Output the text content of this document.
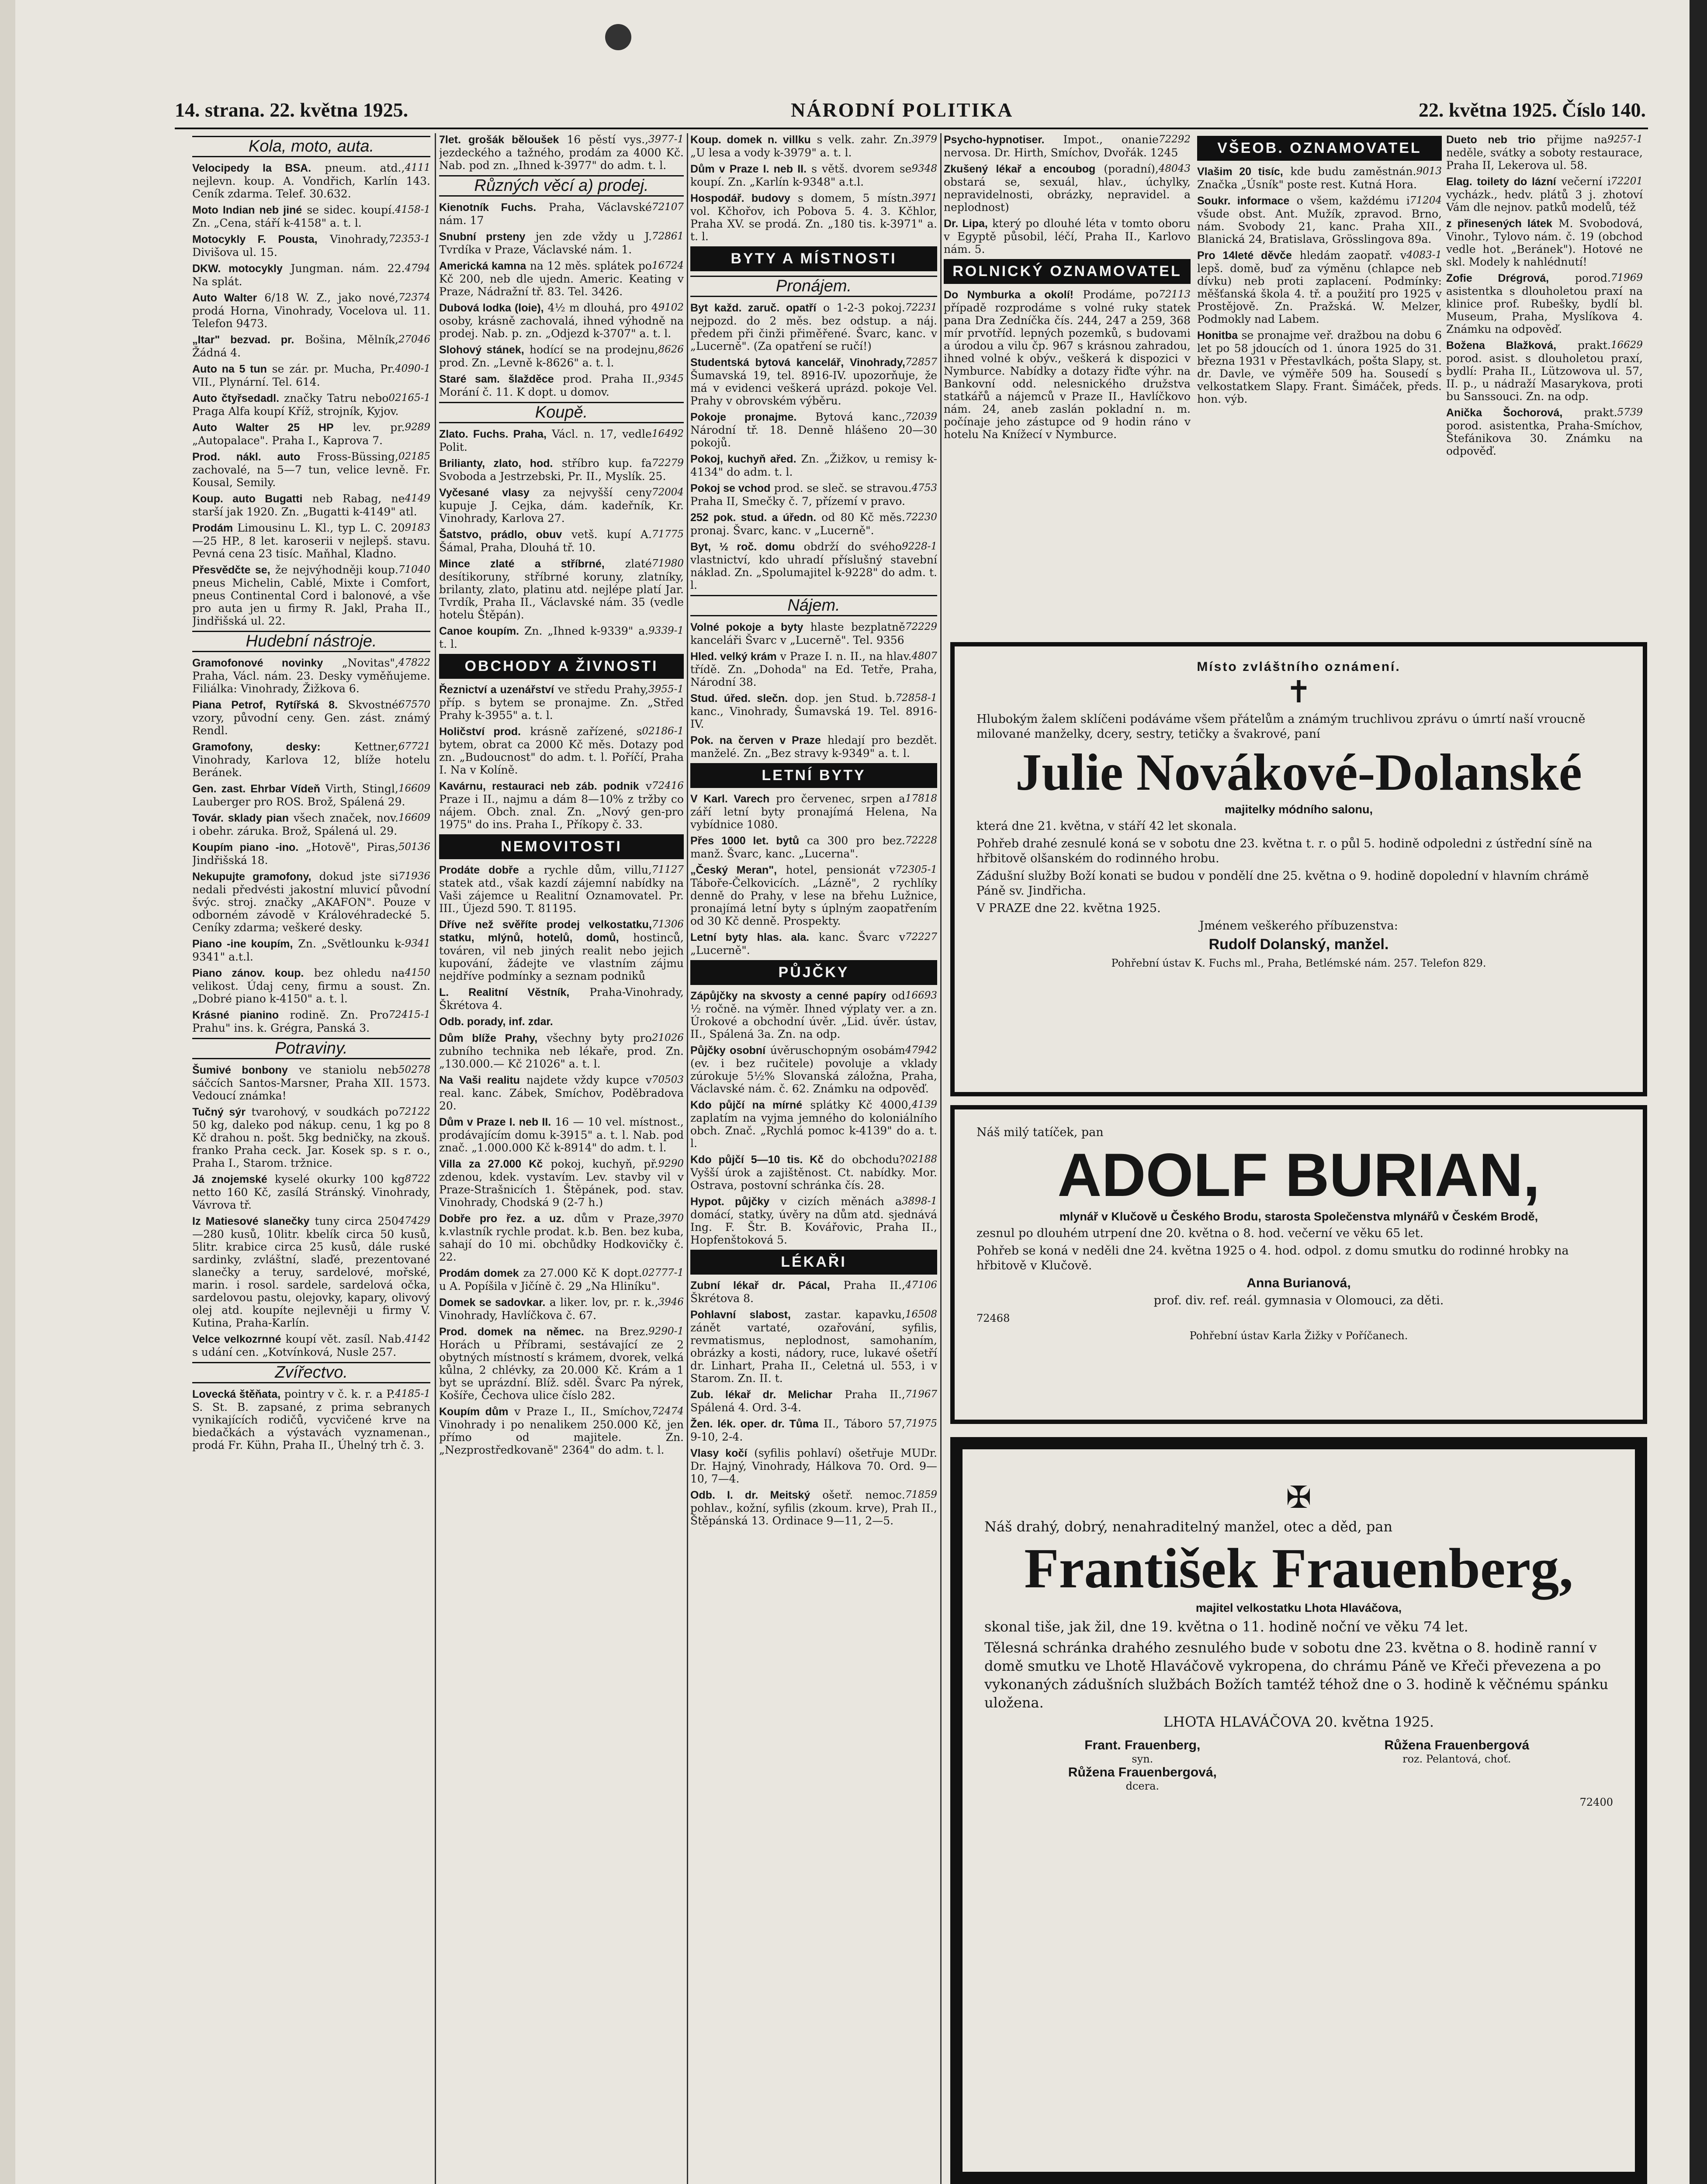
14. strana. 22. května 1925.	NÁRODNÍ POLITIKA	22. května 1925. Číslo 140.
Kola, moto, auta.
4111
Velocipedy la BSA. pneum. atd., nejlevn. koup. A. Vondřich, Karlín 143. Ceník zdarma. Telef. 30.632.
4158-1
Moto Indian neb jiné se sidec. koupí. Zn. „Cena, stáří k-4158" a. t. l.
72353-1
Motocykly F. Pousta, Vinohrady, Divišova ul. 15.
4794
DKW. motocykly Jungman. nám. 22. Na splát.
72374
Auto Walter 6/18 W. Z., jako nové, prodá Horna, Vinohrady, Vocelova ul. 11. Telefon 9473.
27046
„Itar" bezvad. pr. Bošina, Mělník, Žádná 4.
4090-1
Auto na 5 tun se zár. pr. Mucha, Pr. VII., Plynární. Tel. 614.
02165-1
Auto čtyřsedadl. značky Tatru nebo Praga Alfa koupí Kříž, strojník, Kyjov.
9289
Auto Walter 25 HP lev. pr. „Autopalace". Praha I., Kaprova 7.
02185
Prod. nákl. auto Fross-Büssing, zachovalé, na 5—7 tun, velice levně. Fr. Kousal, Semily.
4149
Koup. auto Bugatti neb Rabag, ne starší jak 1920. Zn. „Bugatti k-4149" atl.
9183
Prodám Limousinu L. Kl., typ L. C. 20—25 HP., 8 let. karoserii v nejlepš. stavu. Pevná cena 23 tisíc. Maňhal, Kladno.
71040
Přesvědčte se, že nejvýhodněji koup. pneus Michelin, Cablé, Mixte i Comfort, pneus Continental Cord i balonové, a vše pro auta jen u firmy R. Jakl, Praha II., Jindřišská ul. 22.
Hudební nástroje.
47822
Gramofonové novinky „Novitas", Praha, Václ. nám. 23. Desky vyměňujeme. Filiálka: Vinohrady, Žižkova 6.
67570
Piana Petrof, Rytířská 8. Skvostné vzory, původní ceny. Gen. zást. známý Rendl.
67721
Gramofony, desky:	Kettner, Vinohrady, Karlova 12, blíže hotelu Beránek.
16609
Gen. zast. Ehrbar Vídeň Virth, Stingl, Lauberger pro ROS. Brož, Spálená 29.
16609
Továr. sklady pian všech značek, nov. i obehr. záruka. Brož, Spálená ul. 29.
50136
Koupím piano -ino. „Hotově", Piras, Jindřišská 18.
71936
Nekupujte gramofony, dokud jste si nedali předvésti jakostní mluvicí původní švýc. stroj. značky „AKAFON". Pouze v odborném závodě v Královéhradecké 5. Ceníky zdarma; veškeré desky.
9341
Piano -ine koupím, Zn. „Světlounku k-9341" a.t.l.
4150
Piano zánov. koup. bez ohledu na velikost. Údaj ceny, firmu a soust. Zn. „Dobré piano k-4150" a. t. l.
72415-1
Krásné pianino rodině. Zn. Pro Prahu" ins. k. Grégra, Panská 3.
Potraviny.
50278
Šumivé bonbony ve staniolu neb sáčcích Santos-Marsner, Praha XII. 1573. Vedoucí známka!
72122
Tučný sýr tvarohový, v soudkách po 50 kg, daleko pod nákup. cenu, 1 kg po 8 Kč drahou n. pošt. 5kg bedničky, na zkouš. franko Praha ceck. Jar. Kosek sp. s r. o., Praha I., Starom. tržnice.
8722
Já znojemské kyselé okurky 100 kg netto 160 Kč, zasílá Stránský. Vinohrady, Vávrova tř.
47429
Iz Matiesové slanečky tuny circa 250—280 kusů, 10litr. kbelík circa 50 kusů, 5litr. krabice circa 25 kusů, dále ruské sardinky, zvláštní, slaďé, prezentované slanečky a teruy, sardelové, mořské, marin. i rosol. sardele, sardelová očka, sardelovou pastu, olejovky, kapary, olivový olej atd. koupíte nejlevněji u firmy V. Kutina, Praha-Karlín.
4142
Velce velkozrnné koupí vět. zasíl. Nab. s udání cen. „Kotvínková, Nusle 257.
Zvířectvo.
4185-1
Lovecká štěňata, pointry v č. k. r. a P. S. St. B. zapsané, z prima sebranych vynikajících rodičů, vycvičené krve na biedačkách a výstavách vyznamenan., prodá Fr. Kühn, Praha II., Úhelný trh č. 3.
3977-1
7let. grošák běloušek 16 pěstí vys., jezdeckého a tažného, prodám za 4000 Kč. Nab. pod zn. „Ihned k-3977" do adm. t. l.
Různých věcí a) prodej.
72107
Kienotník Fuchs. Praha, Václavské nám. 17
72861
Snubní prsteny jen zde vždy u J. Tvrdíka v Praze, Václavské nám. 1.
16724
Americká kamna na 12 měs. splátek po Kč 200, neb dle ujedn. Americ. Keating v Praze, Nádražní tř. 83. Tel. 3426.
9102
Dubová lodka (loie), 4½ m dlouhá, pro 4 osoby, krásně zachovalá, ihned výhodně na prodej. Nab. p. zn. „Odjezd k-3707" a. t. l.
8626
Slohový stánek, hodící se na prodejnu, prod. Zn. „Levně k-8626" a. t. l.
9345
Staré sam. šlažděce prod. Praha II., Morání č. 11. K dopt. u domov.
Koupě.
16492
Zlato. Fuchs. Praha, Václ. n. 17, vedle Polit.
72279
Brilianty, zlato, hod. stříbro kup. fa Svoboda a Jestrzebski, Pr. II., Myslík. 25.
72004
Vyčesané vlasy za nejvyšší ceny kupuje J. Cejka, dám. kadeřník, Kr. Vinohrady, Karlova 27.
71775
Šatstvo, prádlo, obuv vetš. kupí A. Šámal, Praha, Dlouhá tř. 10.
71980
Mince zlaté a stříbrné, zlaté desítikoruny, stříbrné koruny, zlatníky, brilanty, zlato, platinu atd. nejlépe platí Jar. Tvrdík, Praha II., Václavské nám. 35 (vedle hotelu Štěpán).
9339-1
Canoe koupím. Zn. „Ihned k-9339" a. t. l.
OBCHODY A ŽIVNOSTI
3955-1
Řeznictví a uzenářství ve středu Prahy, příp. s bytem se pronajme. Zn. „Střed Prahy k-3955" a. t. l.
02186-1
Holičství prod. krásně zařízené, s bytem, obrat ca 2000 Kč měs. Dotazy pod zn. „Budoucnost" do adm. t. l. Poříčí, Praha I. Na v Kolíně.
72416
Kavárnu, restauraci neb záb. podnik v Praze i II., najmu a dám 8—10% z tržby co nájem. Obch. znal. Zn. „Nový gen-pro 1975" do ins. Praha I., Příkopy č. 33.
NEMOVITOSTI
71127
Prodáte dobře a rychle dům, villu, statek atd., však kazdí zájemní nabídky na Vaši zájemce u Realitní Oznamovatel. Pr. III., Újezd 590. T. 81195.
71306
Dříve než svěříte prodej velkostatku, statku, mlýnů, hotelů, domů, hostinců, továren, vil neb jiných realit nebo jejich kupování, žádejte ve vlastním zájmu nejdříve podmínky a seznam podniků
L. Realitní Věstník, Praha-Vinohrady, Škrétova 4.
Odb. porady, inf. zdar.
21026
Dům blíže Prahy, všechny byty pro zubního technika neb lékaře, prod. Zn. „130.000.— Kč 21026" a. t. l.
70503
Na Vaši realitu najdete vždy kupce v real. kanc. Zábek, Smíchov, Poděbradova 20.
Dům v Praze I. neb II. 16 — 10 vel. místnost., prodávajícím domu k-3915" a. t. l. Nab. pod znač. „1.000.000 Kč k-8914" do adm. t. l.
9290
Villa za 27.000 Kč pokoj, kuchyň, př. zdenou, kdek. vystavím. Lev. stavby vil v Praze-Strašnicích 1. Štěpánek, pod. stav. Vinohrady, Chodská 9 (2-7 h.)
3970
Dobře pro řez. a uz. dům v Praze, k.vlastník rychle prodat. k.b. Ben. bez kuba, sahají do 10 mi. obchůdky Hodkovičky č. 22.
02777-1
Prodám domek za 27.000 Kč K dopt. u A. Popíšila v Jičíně č. 29 „Na Hliníku".
3946
Domek se sadovkar. a liker. lov, pr. r. k., Vinohrady, Havlíčkova č. 67.
9290-1
Prod. domek na němec. na Brez. Horách u Příbrami, sestávající ze 2 obytných místností s krámem, dvorek, velká kůlna, 2 chlévky, za 20.000 Kč. Krám a 1 byt se uprázdní. Blíž. sděl. Švarc Pa nýrek, Košíře, Čechova ulice číslo 282.
72474
Koupím dům v Praze I., II., Smíchov, Vinohrady i po nenalikem 250.000 Kč, jen přímo od majitele. Zn. „Nezprostředkovaně" 2364" do adm. t. l.
3979
Koup. domek n. villku s velk. zahr. Zn. „U lesa a vody k-3979" a. t. l.
9348
Dům v Praze I. neb II. s větš. dvorem se koupí. Zn. „Karlín k-9348" a.t.l.
3971
Hospodář. budovy s domem, 5 místn. vol. Kčhořov, ich Pobova 5. 4. 3. Kčhlor, Praha XV. se prodá. Zn. „180 tis. k-3971" a. t. l.
BYTY A MÍSTNOSTI
Pronájem.
72231
Byt každ. zaruč. opatří o 1-2-3 pokoj. nejpozd. do 2 měs. bez odstup. a náj. předem při činži přiměřené. Švarc, kanc. v „Lucerně". (Za opatření se ručí!)
72857
Studentská bytová kancelář, Vinohrady, Šumavská 19, tel. 8916-IV. upozorňuje, že má v evidenci veškerá uprázd. pokoje Vel. Prahy v obrovském výběru.
72039
Pokoje pronajme. Bytová kanc., Národní tř. 18. Denně hlášeno 20—30 pokojů.
Pokoj, kuchyň ařed. Zn. „Žižkov, u remisy k-4134" do adm. t. l.
4753
Pokoj se vchod prod. se sleč. se stravou. Praha II, Smečky č. 7, přízemí v pravo.
72230
252 pok. stud. a úředn. od 80 Kč měs. pronaj. Švarc, kanc. v „Lucerně".
9228-1
Byt, ½ roč. domu obdrží do svého vlastnictví, kdo uhradí příslušný stavební náklad. Zn. „Spolumajitel k-9228" do adm. t. l.
Nájem.
72229
Volné pokoje a byty hlaste bezplatně kanceláři Švarc v „Lucerně". Tel. 9356
4807
Hled. velký krám v Praze I. n. II., na hlav. třídě. Zn. „Dohoda" na Ed. Tetře, Praha, Národní 38.
72858-1
Stud. úřed. slečn. dop. jen Stud. b. kanc., Vinohrady, Šumavská 19. Tel. 8916-IV.
Pok. na červen v Praze hledají pro bezdět. manželé. Zn. „Bez stravy k-9349" a. t. l.
LETNÍ BYTY
17818
V Karl. Varech pro červenec, srpen a září letní byty pronajímá Helena, Na vybídnice 1080.
72228
Přes 1000 let. bytů ca 300 pro bez. manž. Švarc, kanc. „Lucerna".
72305-1
„Český Meran", hotel, pensionát v Táboře-Čelkovicích. „Lázně", 2 rychlíky denně do Prahy, v lese na břehu Lužnice, pronajímá letní byty s úplným zaopatřením od 30 Kč denně. Prospekty.
72227
Letní byty hlas. ala. kanc. Švarc v „Lucerně".
PŮJČKY
16693
Zápůjčky na skvosty a cenné papíry od ½ ročně. na výměr. Ihned výplaty ver. a zn. Úrokové a obchodní úvěr. „Lid. úvěr. ústav, II., Spálená 3a. Zn. na odp.
47942
Půjčky osobní úvěruschopným osobám (ev. i bez ručitele) povoluje a vklady zúrokuje 5½% Slovanská záložna, Praha, Václavské nám. č. 62. Známku na odpověď.
4139
Kdo půjčí na mírné splátky Kč 4000, zaplatím na vyjma jemného do koloniálního obch. Znač. „Rychlá pomoc k-4139" do a. t. l.
02188
Kdo půjčí 5—10 tis. Kč do obchodu? Vyšší úrok a zajištěnost. Ct. nabídky. Mor. Ostrava, postovní schránka čís. 28.
3898-1
Hypot. půjčky v cizích měnách a domácí, statky, úvěry na dům atd. sjednává Ing. F. Štr. B. Kovářovic, Praha II., Hopfenštoková 5.
LÉKAŘI
47106
Zubní lékař dr. Pácal, Praha II., Škrétova 8.
16508
Pohlavní slabost, zastar. kapavku, zánět vartaté, ozařování, syfilis, revmatismus, neplodnost, samohaním, obrázky a kosti, nádory, ruce, lukavé ošetří dr. Linhart, Praha II., Celetná ul. 553, i v Starom. Zn. II. t.
71967
Zub. lékař dr. Melichar Praha II., Spálená 4. Ord. 3-4.
71975
Žen. lék. oper. dr. Tůma II., Táboro 57, 9-10, 2-4.
Vlasy kočí (syfilis pohlaví) ošetřuje MUDr. Dr. Hajný, Vinohrady, Hálkova 70. Ord. 9—10, 7—4.
71859
Odb. I. dr. Meitský ošetř. nemoc. pohlav., kožní, syfilis (zkoum. krve), Prah II., Štěpánská 13. Ordinace 9—11, 2—5.
72292
Psycho-hypnotiser. Impot., onanie nervosa. Dr. Hirth, Smíchov, Dvořák. 1245
48043
Zkušený lékař a encoubog (poradní), obstará se, sexuál, hlav., úchylky, nepravidelnosti, obrázky, nepravidel. a neplodnost)
Dr. Lipa, který po dlouhé léta v tomto oboru v Egyptě působil, léčí, Praha II., Karlovo nám. 5.
ROLNICKÝ OZNAMOVATEL
72113
Do Nymburka a okolí! Prodáme, po případě rozprodáme s volné ruky statek pana Dra Zedníčka čís. 244, 247 a 259, 368 mír prvotříd. lepných pozemků, s budovami a úrodou a vilu čp. 967 s krásnou zahradou, ihned volné k obýv., veškerá k dispozici v Nymburce. Nabídky a dotazy řiďte výhr. na Bankovní odd. nelesnického družstva statkářů a nájemců v Praze II., Havlíčkovo nám. 24, aneb zaslán pokladní n. m. počínaje jeho zástupce od 9 hodin ráno v hotelu Na Knížecí v Nymburce.
VŠEOB. OZNAMOVATEL
9013
Vlašim 20 tisíc, kde budu zaměstnán. Značka „Úsník" poste rest. Kutná Hora.
71204
Soukr. informace o všem, každému i všude obst. Ant. Mužík, zpravod. Brno, nám. Svobody 21, kanc. Praha XII., Blanická 24, Bratislava, Grösslingova 89a.
4083-1
Pro 14leté děvče hledám zaopatř. v lepš. domě, buď za výměnu (chlapce neb dívku) neb proti zaplacení. Podmínky: měšťanská škola 4. tř. a použití pro 1925 v Prostějově. Zn. Pražská. W. Melzer, Podmokly nad Labem.
Honitba se pronajme veř. dražbou na dobu 6 let po 58 jdoucích od 1. února 1925 do 31. března 1931 v Přestavlkách, pošta Slapy, st. dr. Davle, ve výměře 509 ha. Sousedí s velkostatkem Slapy. Frant. Šimáček, předs. hon. výb.
9257-1
Dueto neb trio přijme na neděle, svátky a soboty restaurace, Praha II, Lekerova ul. 58.
72201
Elag. toilety do lázní večerní i vycházk., hedv. plátů 3 j. zhotoví Vám dle nejnov. patků modelů, též
z přinesených látek M. Svobodová, Vinohr., Tylovo nám. č. 19 (obchod vedle hot. „Beránek"). Hotové ne skl. Modely k nahlédnutí!
71969
Zofie Drégrová, porod. asistentka s dlouholetou praxí na klinice prof. Rubešky, bydlí bl. Museum, Praha, Myslíkova 4. Známku na odpověď.
16629
Božena Blažková, prakt. porod. asist. s dlouholetou praxí, bydlí: Praha II., Lützowova ul. 57, II. p., u nádraží Masarykova, proti bu Sanssouci. Zn. na odp.
5739
Anička Šochorová, prakt. porod. asistentka, Praha-Smíchov, Štefánikova 30. Známku na odpověď.
Místo zvláštního oznámení.
✝

Hlubokým žalem sklíčeni podáváme všem přátelům a známým truchlivou zprávu o úmrtí naší vroucně milované manželky, dcery, sestry, tetičky a švakrové, paní

Julie Novákové-Dolanské
majitelky módního salonu,

která dne 21. května, v stáří 42 let skonala.

Pohřeb drahé zesnulé koná se v sobotu dne 23. května t. r. o půl 5. hodině odpoledni z ústřední síně na hřbitově olšanském do rodinného hrobu.

Zádušní služby Boží konati se budou v pondělí dne 25. května o 9. hodině dopolední v hlavním chrámě Páně sv. Jindřicha.

V PRAZE dne 22. května 1925.

Jménem veškerého příbuzenstva:

Rudolf Dolanský, manžel.

Pohřební ústav K. Fuchs ml., Praha, Betlémské nám. 257. Telefon 829.

Náš milý tatíček, pan

ADOLF BURIAN,
mlynář v Klučově u Českého Brodu, starosta Společenstva mlynářů v Českém Brodě,

zesnul po dlouhém utrpení dne 20. května o 8. hod. večerní ve věku 65 let.

Pohřeb se koná v neděli dne 24. května 1925 o 4. hod. odpol. z domu smutku do rodinné hrobky na hřbitově v Klučově.

Anna Burianová,

prof. div. ref. reál. gymnasia v Olomouci, za děti.

72468

Pohřební ústav Karla Žižky v Poříčanech.

✠

Náš drahý, dobrý, nenahraditelný manžel, otec a děd, pan

František Frauenberg,
majitel velkostatku Lhota Hlaváčova,

skonal tiše, jak žil, dne 19. května o 11. hodině noční ve věku 74 let.

Tělesná schránka drahého zesnulého bude v sobotu dne 23. května o 8. hodině ranní v domě smutku ve Lhotě Hlaváčově vykropena, do chrámu Páně ve Křeči převezena a po vykonaných zádušních službách Božích tamtéž téhož dne o 3. hodině k věčnému spánku uložena.

LHOTA HLAVÁČOVA 20. května 1925.

Frant. Frauenberg,
syn.
Růžena Frauenbergová,
dcera.
Růžena Frauenbergová
roz. Pelantová, choť.

72400
